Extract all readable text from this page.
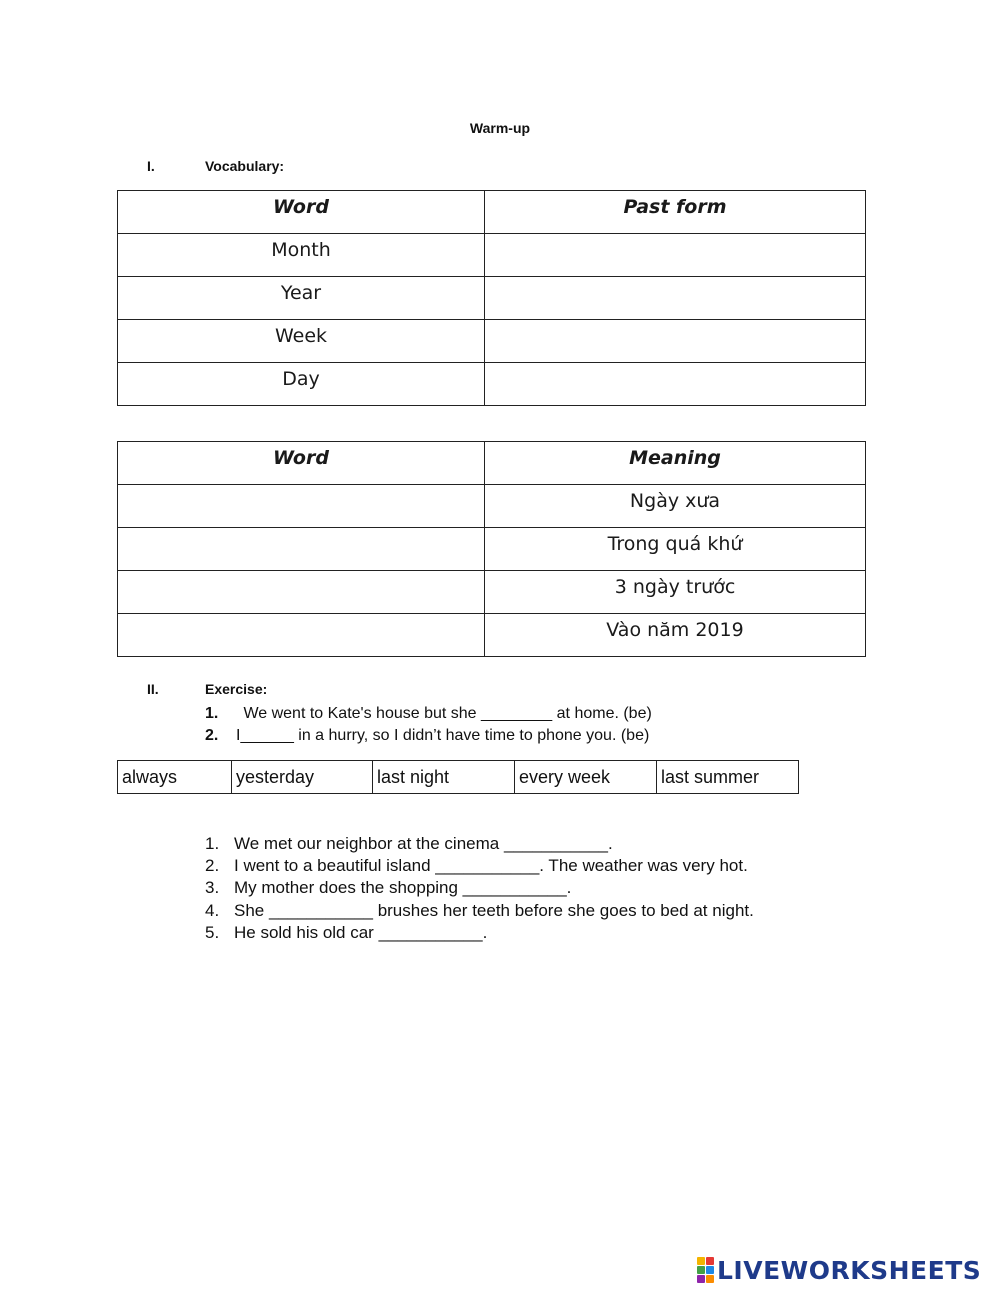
Warm-up
I.	Vocabulary:
Word	Past form

Month	

Year	

Week	

Day	

Word	Meaning

	Ngày xưa

	Trong quá khứ

	3 ngày trước

	Vào năm 2019
II.	Exercise:
1. We went to Kate's house but she ________ at home. (be)
2. I______ in a hurry, so I didn’t have time to phone you. (be)
always	yesterday	last night	every week	last summer
1. We met our neighbor at the cinema ___________.
2. I went to a beautiful island ___________. The weather was very hot.
3. My mother does the shopping ___________.
4. She ___________ brushes her teeth before she goes to bed at night.
5. He sold his old car ___________.
LIVEWORKSHEETS
